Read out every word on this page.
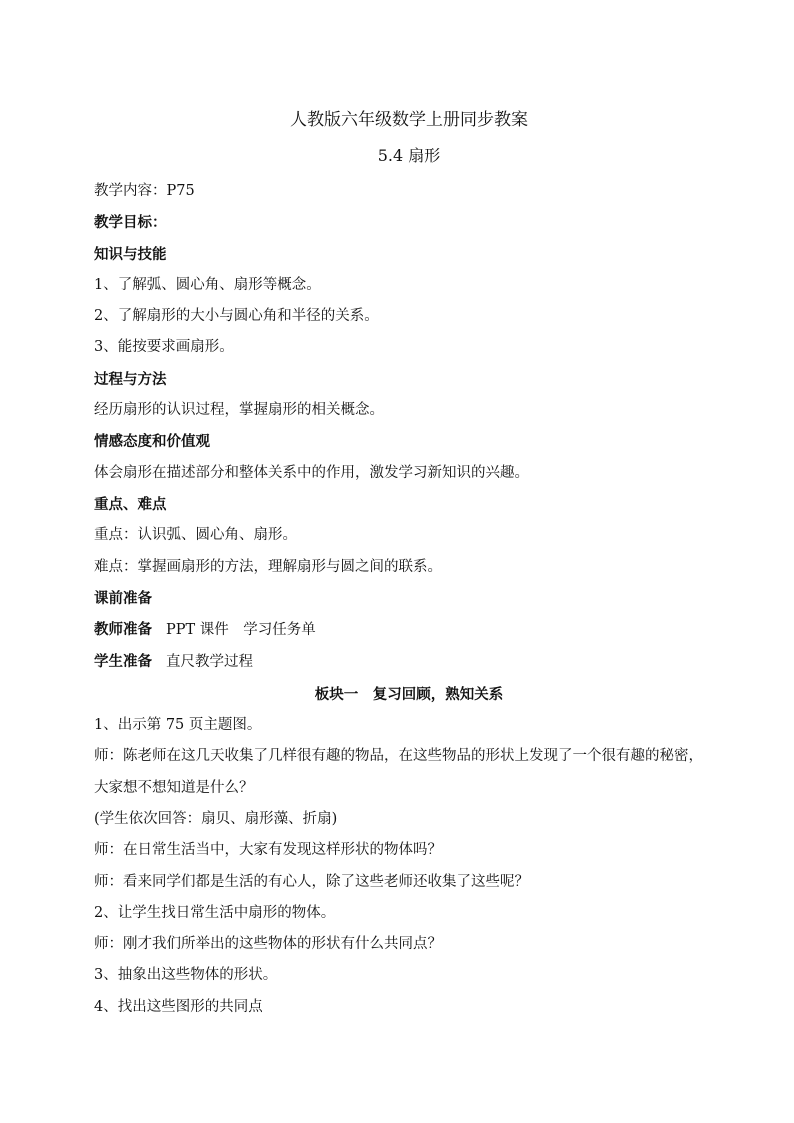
人教版六年级数学上册同步教案
5.4 扇形
教学内容：P75
教学目标：
知识与技能
1、了解弧、圆心角、扇形等概念。
2、了解扇形的大小与圆心角和半径的关系。
3、能按要求画扇形。
过程与方法
经历扇形的认识过程，掌握扇形的相关概念。
情感态度和价值观
体会扇形在描述部分和整体关系中的作用，激发学习新知识的兴趣。
重点、难点
重点：认识弧、圆心角、扇形。
难点：掌握画扇形的方法，理解扇形与圆之间的联系。
课前准备
教师准备 PPT 课件　学习任务单
学生准备 直尺教学过程
板块一　复习回顾，熟知关系
1、出示第 75 页主题图。
师：陈老师在这几天收集了几样很有趣的物品，在这些物品的形状上发现了一个很有趣的秘密，大家想不想知道是什么？
(学生依次回答：扇贝、扇形藻、折扇)
师：在日常生活当中，大家有发现这样形状的物体吗？
师：看来同学们都是生活的有心人，除了这些老师还收集了这些呢？
2、让学生找日常生活中扇形的物体。
师：刚才我们所举出的这些物体的形状有什么共同点？
3、抽象出这些物体的形状。
4、找出这些图形的共同点
